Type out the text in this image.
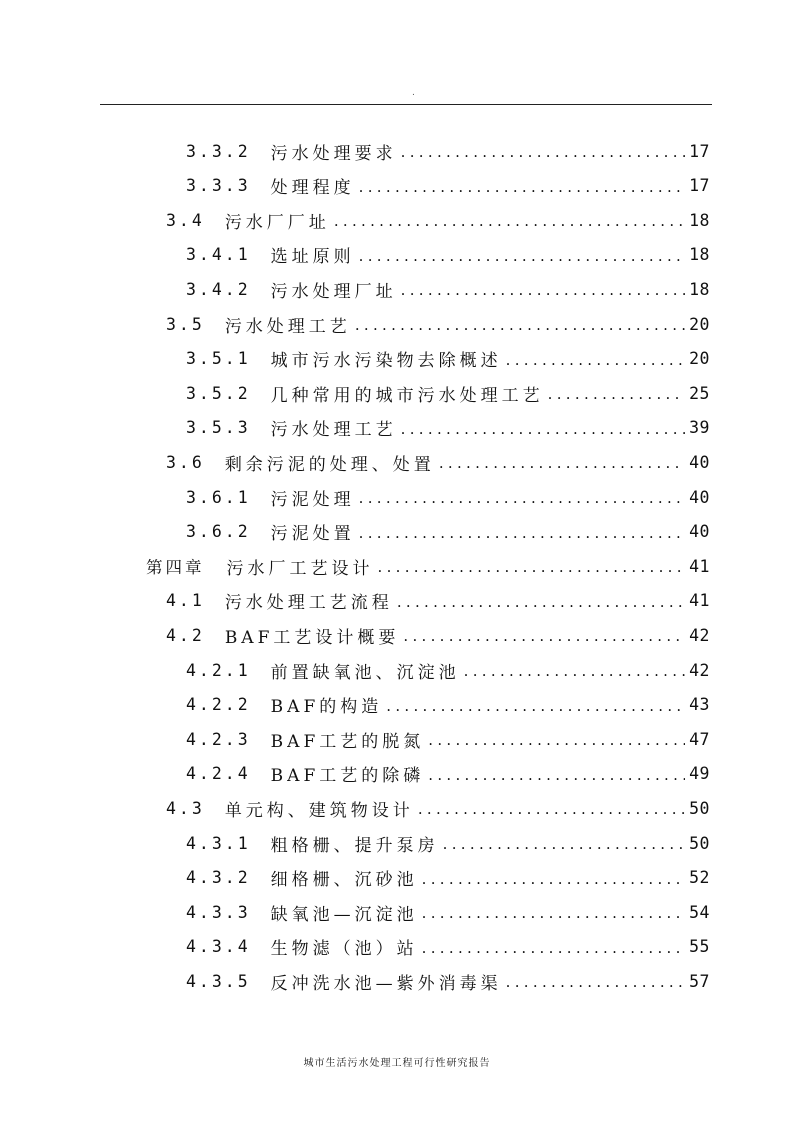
.
3.3.2 污水处理要求 .....	17
3.3.3 处理程度 .....	17
3.4 污水厂厂址 .....	18
3.4.1 选址原则 .....	18
3.4.2 污水处理厂址 .....	18
3.5 污水处理工艺 .....	20
3.5.1 城市污水污染物去除概述 .....	20
3.5.2 几种常用的城市污水处理工艺 .....	25
3.5.3 污水处理工艺 .....	39
3.6 剩余污泥的处理、处置 .....	40
3.6.1 污泥处理 .....	40
3.6.2 污泥处置 .....	40
第四章 污水厂工艺设计 .....	41
4.1 污水处理工艺流程 .....	41
4.2 BAF工艺设计概要 .....	42
4.2.1 前置缺氧池、沉淀池 .....	42
4.2.2 BAF的构造 .....	43
4.2.3 BAF工艺的脱氮 .....	47
4.2.4 BAF工艺的除磷 .....	49
4.3 单元构、建筑物设计 .....	50
4.3.1 粗格栅、提升泵房 .....	50
4.3.2 细格栅、沉砂池 .....	52
4.3.3 缺氧池—沉淀池 .....	54
4.3.4 生物滤（池）站 .....	55
4.3.5 反冲洗水池—紫外消毒渠 .....	57
城市生活污水处理工程可行性研究报告
